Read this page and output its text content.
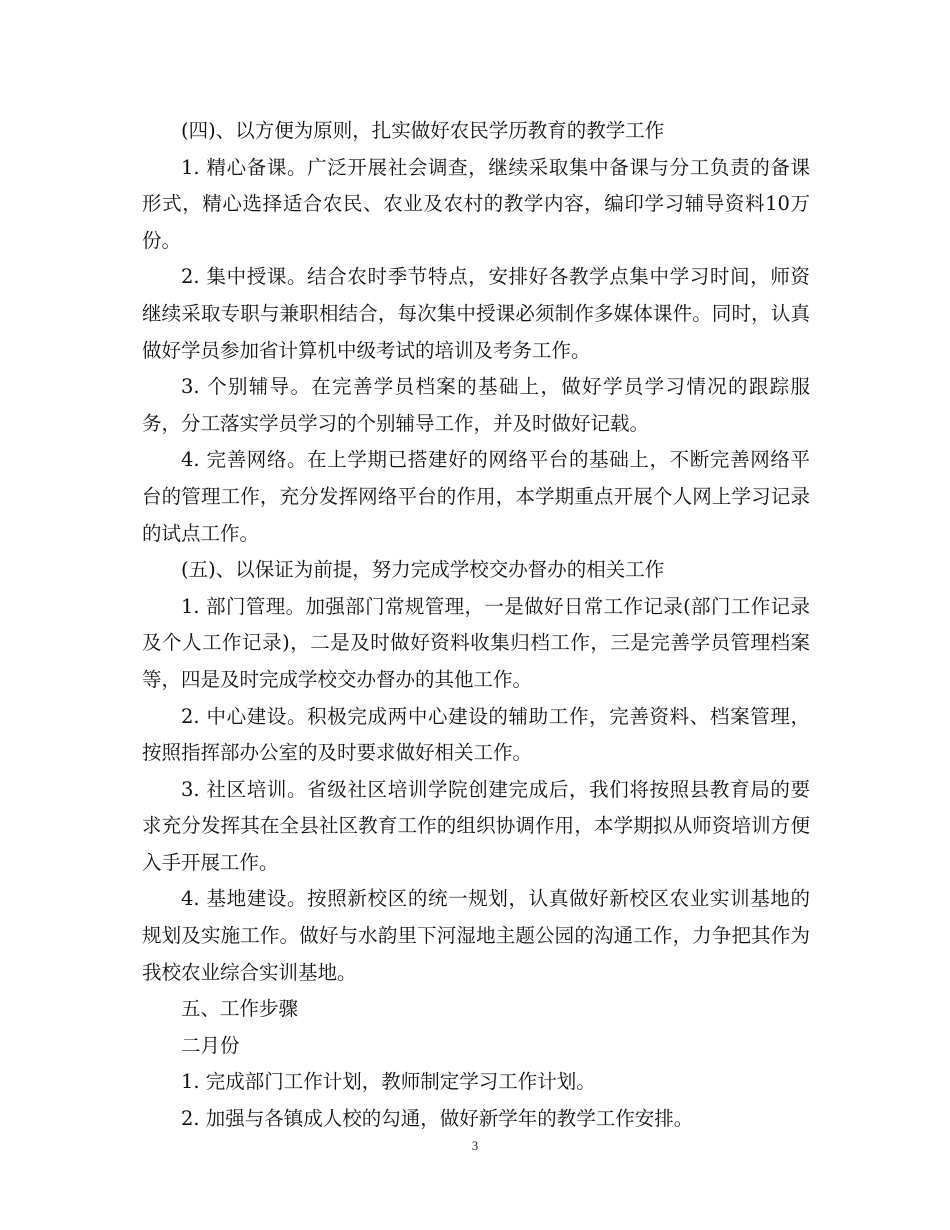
(四)、以方便为原则，扎实做好农民学历教育的教学工作

1. 精心备课。广泛开展社会调查，继续采取集中备课与分工负责的备课形式，精心选择适合农民、农业及农村的教学内容，编印学习辅导资料10万份。

2. 集中授课。结合农时季节特点，安排好各教学点集中学习时间，师资继续采取专职与兼职相结合，每次集中授课必须制作多媒体课件。同时，认真做好学员参加省计算机中级考试的培训及考务工作。

3. 个别辅导。在完善学员档案的基础上，做好学员学习情况的跟踪服务，分工落实学员学习的个别辅导工作，并及时做好记载。

4. 完善网络。在上学期已搭建好的网络平台的基础上，不断完善网络平台的管理工作，充分发挥网络平台的作用，本学期重点开展个人网上学习记录的试点工作。

(五)、以保证为前提，努力完成学校交办督办的相关工作

1. 部门管理。加强部门常规管理，一是做好日常工作记录(部门工作记录及个人工作记录)，二是及时做好资料收集归档工作，三是完善学员管理档案等，四是及时完成学校交办督办的其他工作。

2. 中心建设。积极完成两中心建设的辅助工作，完善资料、档案管理，按照指挥部办公室的及时要求做好相关工作。

3. 社区培训。省级社区培训学院创建完成后，我们将按照县教育局的要求充分发挥其在全县社区教育工作的组织协调作用，本学期拟从师资培训方便入手开展工作。

4. 基地建设。按照新校区的统一规划，认真做好新校区农业实训基地的规划及实施工作。做好与水韵里下河湿地主题公园的沟通工作，力争把其作为我校农业综合实训基地。

五、工作步骤

二月份

1. 完成部门工作计划，教师制定学习工作计划。

2. 加强与各镇成人校的勾通，做好新学年的教学工作安排。

3
